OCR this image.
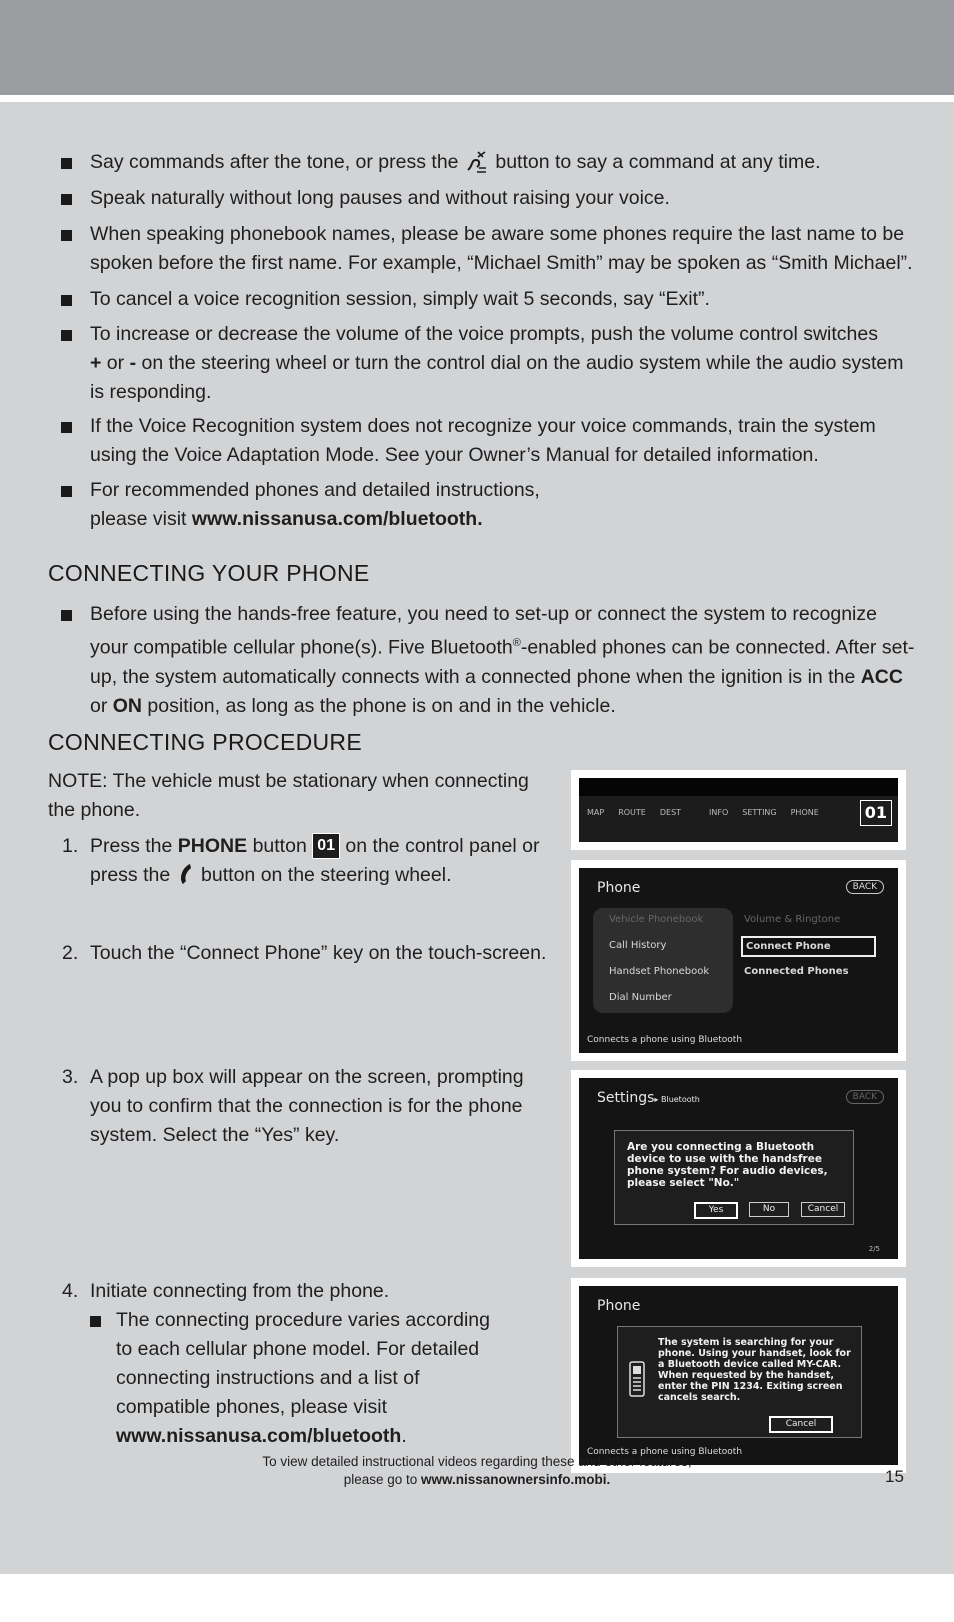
Say commands after the tone, or press the  button to say a command at any time.
Speak naturally without long pauses and without raising your voice.
When speaking phonebook names, please be aware some phones require the last name to be spoken before the first name. For example, “Michael Smith” may be spoken as “Smith Michael”.
To cancel a voice recognition session, simply wait 5 seconds, say “Exit”.
To increase or decrease the volume of the voice prompts, push the volume control switches
+ or - on the steering wheel or turn the control dial on the audio system while the audio system is responding.
If the Voice Recognition system does not recognize your voice commands, train the system using the Voice Adaptation Mode. See your Owner’s Manual for detailed information.
For recommended phones and detailed instructions,
please visit www.nissanusa.com/bluetooth.
CONNECTING YOUR PHONE
Before using the hands-free feature, you need to set-up or connect the system to recognize your compatible cellular phone(s). Five Bluetooth®-enabled phones can be connected. After set-up, the system automatically connects with a connected phone when the ignition is in the ACC or ON position, as long as the phone is on and in the vehicle.
CONNECTING PROCEDURE
NOTE: The vehicle must be stationary when connecting the phone.
1. Press the PHONE button 01 on the control panel or press the  button on the steering wheel.
2. Touch the “Connect Phone” key on the touch-screen.
3. A pop up box will appear on the screen, prompting you to confirm that the connection is for the phone system. Select the “Yes” key.
4. Initiate connecting from the phone.
The connecting procedure varies according to each cellular phone model. For detailed connecting instructions and a list of compatible phones, please visit www.nissanusa.com/bluetooth.
MAP ROUTE DEST	INFO SETTING PHONE	01
Phone	BACK
Vehicle Phonebook
Call History
Handset Phonebook
Dial Number
Volume & Ringtone
Connect Phone
Connected Phones
Connects a phone using Bluetooth
Settings▸ Bluetooth	BACK
Are you connecting a Bluetooth device to use with the handsfree phone system? For audio devices, please select "No."
Yes	No	Cancel
2/5
Phone
The system is searching for your phone. Using your handset, look for a Bluetooth device called MY-CAR. When requested by the handset, enter the PIN 1234. Exiting screen cancels search.
Cancel
Connects a phone using Bluetooth
To view detailed instructional videos regarding these and other features,
please go to www.nissanownersinfo.mobi.	15
